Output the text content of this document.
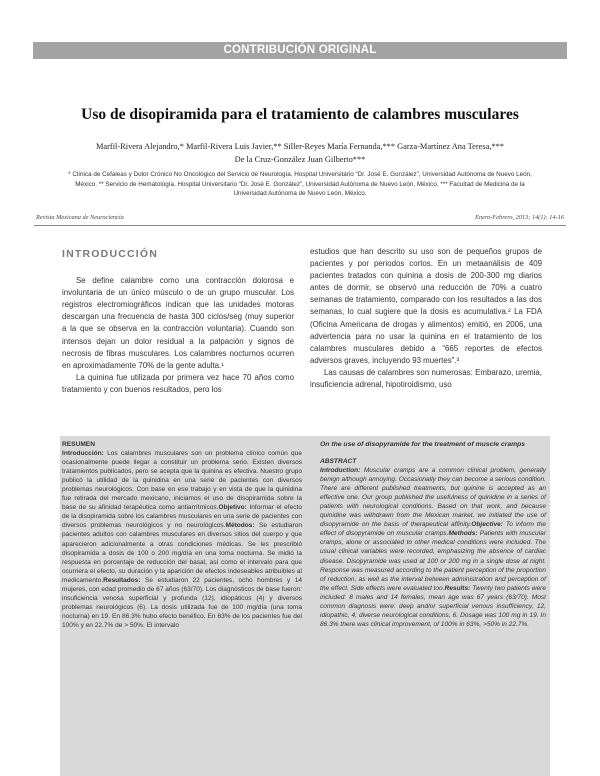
CONTRIBUCIÓN ORIGINAL
Uso de disopiramida para el tratamiento de calambres musculares
Marfil-Rivera Alejandro,* Marfil-Rivera Luis Javier,** Siller-Reyes María Fernanda,*** Garza-Martínez Ana Teresa,***
De la Cruz-González Juan Gilberto***
* Clínica de Cefaleas y Dolor Crónico No Oncológico del Servicio de Neurología. Hospital Universitario “Dr. José E. González”, Universidad Autónoma de Nuevo León, México. ** Servicio de Hematología. Hospital Universitario “Dr. José E. González”, Universidad Autónoma de Nuevo León, México. *** Facultad de Medicina de la Universidad Autónoma de Nuevo León, México.
Revista Mexicana de Neurociencia	Enero-Febrero, 2013; 14(1): 14-16

INTRODUCCIÓN

Se define calambre como una contracción dolorosa e involuntaria de un único músculo o de un grupo muscular. Los registros electromiográficos indican que las unidades motoras descargan una frecuencia de hasta 300 ciclos/seg (muy superior a la que se observa en la contracción voluntaria). Cuando son intensos dejan un dolor residual a la palpación y signos de necrosis de fibras musculares. Los calambres nocturnos ocurren en aproximadamente 70% de la gente adulta.¹

La quinina fue utilizada por primera vez hace 70 años como tratamiento y con buenos resultados, pero los

estudios que han descrito su uso son de pequeños grupos de pacientes y por periodos cortos. En un metaanálisis de 409 pacientes tratados con quinina a dosis de 200-300 mg diarios antes de dormir, se observó una reducción de 70% a cuatro semanas de tratamiento, comparado con los resultados a las dos semanas, lo cual sugiere que la dosis es acumulativa.² La FDA (Oficina Americana de drogas y alimentos) emitió, en 2006, una advertencia para no usar la quinina en el tratamiento de los calambres musculares debido a “665 reportes de efectos adversos graves, incluyendo 93 muertes”.³

Las causas de calambres son numerosas: Embarazo, uremia, insuficiencia adrenal, hipotiroidismo, uso

RESUMEN

Introducción: Los calambres musculares son un problema clínico común que ocasionalmente puede llegar a constituir un problema serio. Existen diversos tratamientos publicados, pero se acepta que la quinina es efectiva. Nuestro grupo publicó la utilidad de la quinidina en una serie de pacientes con diversos problemas neurológicos. Con base en ese trabajo y en vista de que la quinidina fue retirada del mercado mexicano, iniciamos el uso de disopiramida sobre la base de su afinidad terapéutica como antiarrítmicos.Objetivo: Informar el efecto de la disopiramida sobre los calambres musculares en una serie de pacientes con diversos problemas neurológicos y no neurológicos.Métodos: Se estudiaron pacientes adultos con calambres musculares en diversos sitios del cuerpo y que aparecieron adicionalmente a otras condiciones médicas. Se les prescribió disopiramida a dosis de 100 o 200 mg/día en una toma nocturna. Se midió la respuesta en porcentaje de reducción del basal, así como el intervalo para que ocurriera el efecto, su duración y la aparición de efectos indeseables atribuibles al medicamento.Resultados: Se estudiaron 22 pacientes, ocho hombres y 14 mujeres, con edad promedio de 67 años (63/70). Los diagnósticos de base fueron: insuficiencia venosa superficial y profunda (12), idiopáticos (4) y diversos problemas neurológicos (6). La dosis utilizada fue de 100 mg/día (una toma nocturna) en 19. En 86.3% hubo efecto benéfico. En 63% de los pacientes fue del 100% y en 22.7% de > 50%. El intervalo

On the use of disopyramide for the treatment of muscle cramps

ABSTRACT

Introduction: Muscular cramps are a common clinical problem, generally benign although annoying. Occasionally they can become a serious condition. There are different published treatments, but quinine is accepted as an effective one. Our group published the usefulness of quinidine in a series of patients with neurological conditions. Based on that work, and because quinidine was withdrawn from the Mexican market, we initiated the use of disopyramide on the basis of therapeutical affinity.Objective: To inform the effect of disopyramide on muscular cramps.Methods: Patients with muscular cramps, alone or associated to other medical conditions were included. The usual clinical variables were recorded, emphasizing the absence of cardiac disease. Disopyramide was used at 100 or 200 mg in a single dose at night. Response was measured according to the patient perception of the proportion of reduction, as well as the interval between administration and perception of the effect. Side effects were evaluated too.Results: Twenty two patients were included: 8 males and 14 females, mean age was 67 years (63/70). Most common diagnosis were: deep and/or superficial venous insufficiency, 12, idiopathic, 4, diverse neurological conditions, 6. Dosage was 100 mg in 19. In 86.3% there was clinical improvement, of 100% in 63%, >50% in 22.7%.
